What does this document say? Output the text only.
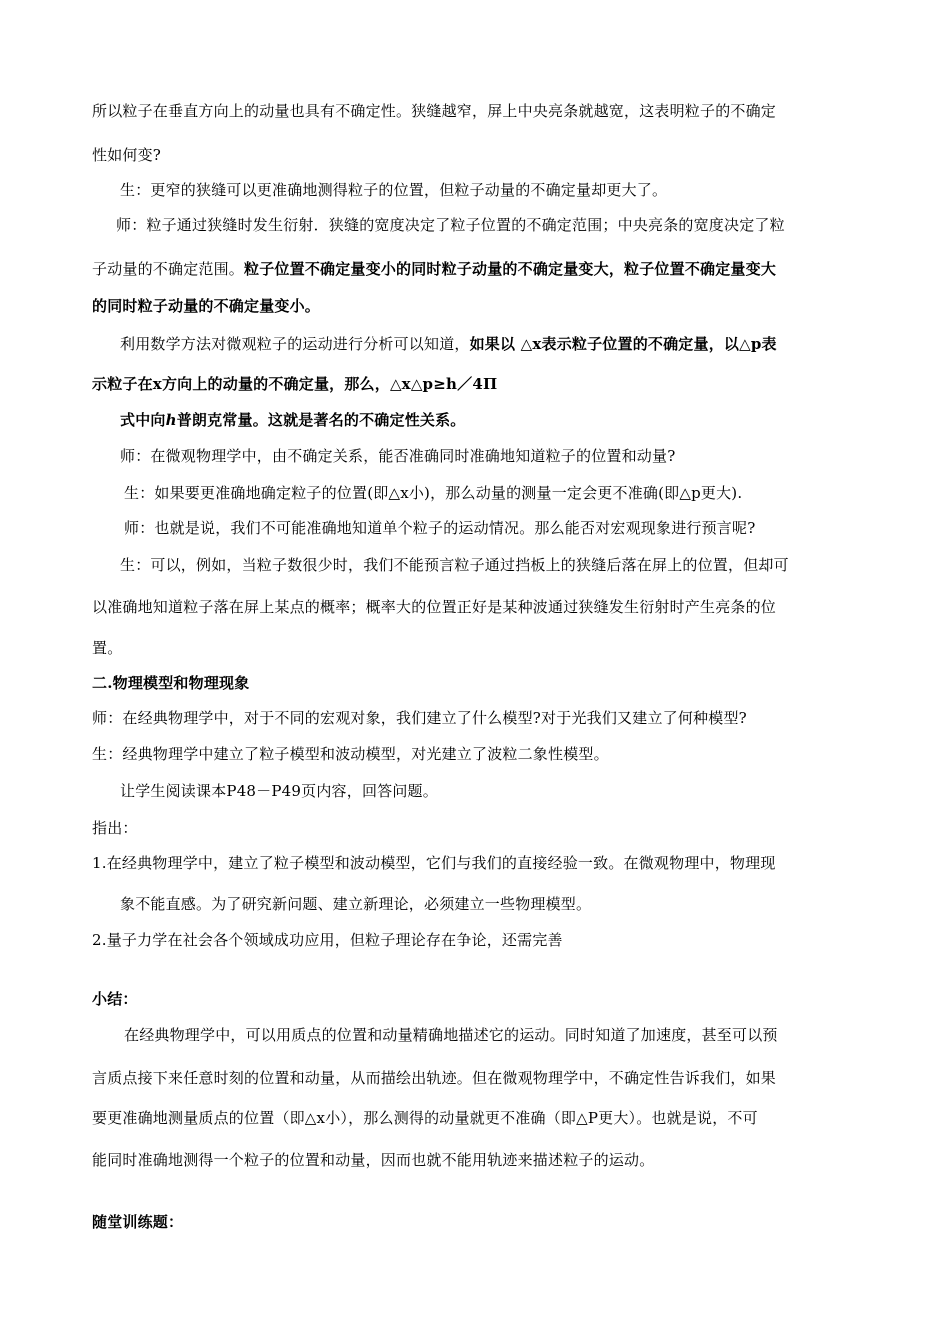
所以粒子在垂直方向上的动量也具有不确定性。狭缝越窄，屏上中央亮条就越宽，这表明粒子的不确定
性如何变?
生：更窄的狭缝可以更准确地测得粒子的位置，但粒子动量的不确定量却更大了。
师：粒子通过狭缝时发生衍射．狭缝的宽度决定了粒子位置的不确定范围；中央亮条的宽度决定了粒
子动量的不确定范围。粒子位置不确定量变小的同时粒子动量的不确定量变大，粒子位置不确定量变大
的同时粒子动量的不确定量变小。
利用数学方法对微观粒子的运动进行分析可以知道，如果以 △x表示粒子位置的不确定量，以△p表
示粒子在x方向上的动量的不确定量，那么，△x△p≥h／4Π
式中向ℎ普朗克常量。这就是著名的不确定性关系。
师：在微观物理学中，由不确定关系，能否准确同时准确地知道粒子的位置和动量?
生：如果要更准确地确定粒子的位置(即△x小)，那么动量的测量一定会更不准确(即△p更大).
师：也就是说，我们不可能准确地知道单个粒子的运动情况。那么能否对宏观现象进行预言呢?
生：可以，例如，当粒子数很少时，我们不能预言粒子通过挡板上的狭缝后落在屏上的位置，但却可
以准确地知道粒子落在屏上某点的概率；概率大的位置正好是某种波通过狭缝发生衍射时产生亮条的位
置。
二.物理模型和物理现象
师：在经典物理学中，对于不同的宏观对象，我们建立了什么模型?对于光我们又建立了何种模型?
生：经典物理学中建立了粒子模型和波动模型，对光建立了波粒二象性模型。
让学生阅读课本P48－P49页内容，回答问题。
指出：
1.在经典物理学中，建立了粒子模型和波动模型，它们与我们的直接经验一致。在微观物理中，物理现
象不能直感。为了研究新问题、建立新理论，必须建立一些物理模型。
2.量子力学在社会各个领域成功应用，但粒子理论存在争论，还需完善
小结：
在经典物理学中，可以用质点的位置和动量精确地描述它的运动。同时知道了加速度，甚至可以预
言质点接下来任意时刻的位置和动量，从而描绘出轨迹。但在微观物理学中，不确定性告诉我们，如果
要更准确地测量质点的位置（即△x小），那么测得的动量就更不准确（即△P更大）。也就是说，不可
能同时准确地测得一个粒子的位置和动量，因而也就不能用轨迹来描述粒子的运动。
随堂训练题：
